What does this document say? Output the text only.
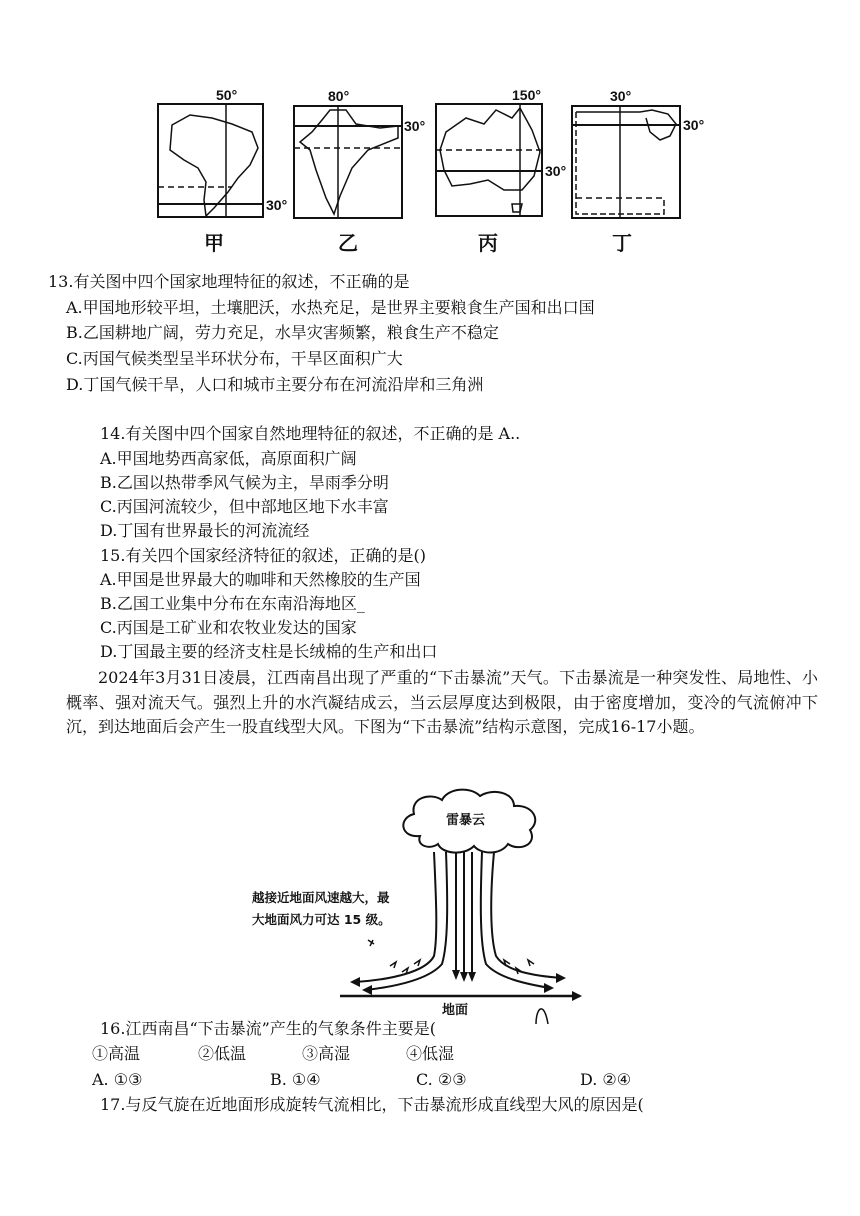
50°
30°
甲
80°
30°
乙
150°
30°
丙
30°
30°
丁
13.有关图中四个国家地理特征的叙述，不正确的是
A.甲国地形较平坦，土壤肥沃，水热充足，是世界主要粮食生产国和出口国
B.乙国耕地广阔，劳力充足，水旱灾害频繁，粮食生产不稳定
C.丙国气候类型呈半环状分布，干旱区面积广大
D.丁国气候干旱，人口和城市主要分布在河流沿岸和三角洲
14.有关图中四个国家自然地理特征的叙述，不正确的是 A..
A.甲国地势西高家低，高原面积广阔
B.乙国以热带季风气候为主，旱雨季分明
C.丙国河流较少，但中部地区地下水丰富
D.丁国有世界最长的河流流经
15.有关四个国家经济特征的叙述，正确的是()
A.甲国是世界最大的咖啡和天然橡胶的生产国
B.乙国工业集中分布在东南沿海地区_
C.丙国是工矿业和农牧业发达的国家
D.丁国最主要的经济支柱是长绒棉的生产和出口
2024年3月31日凌晨，江西南昌出现了严重的“下击暴流”天气。下击暴流是一种突发性、局地性、小概率、强对流天气。强烈上升的水汽凝结成云，当云层厚度达到极限，由于密度增加，变冷的气流俯冲下沉，到达地面后会产生一股直线型大风。下图为“下击暴流”结构示意图，完成16-17小题。
雷暴云
地面
越接近地面风速越大，最
大地面风力可达 15 级。
16.江西南昌“下击暴流”产生的气象条件主要是(
①高温	②低温	③高湿	④低湿
A. ①③	B. ①④	C. ②③	D. ②④
17.与反气旋在近地面形成旋转气流相比，下击暴流形成直线型大风的原因是(
